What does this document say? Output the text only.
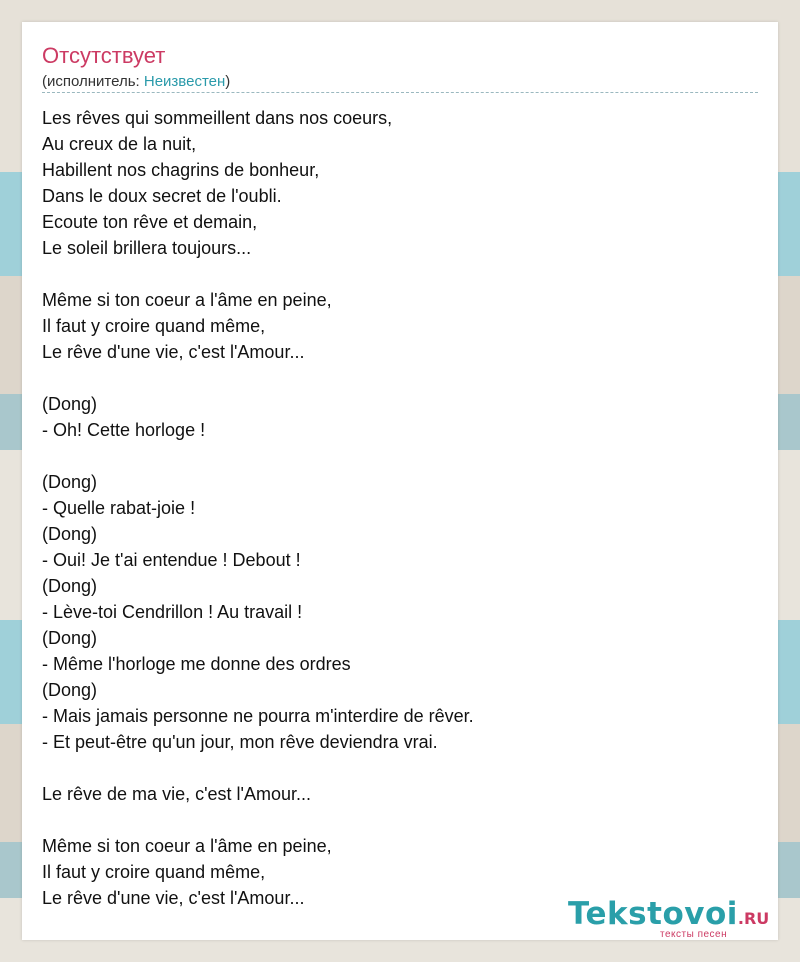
Отсутствует
(исполнитель: Неизвестен)
Les rêves qui sommeillent dans nos coeurs,
Au creux de la nuit,
Habillent nos chagrins de bonheur,
Dans le doux secret de l'oubli.
Ecoute ton rêve et demain,
Le soleil brillera toujours...
Même si ton coeur a l'âme en peine,
Il faut y croire quand même,
Le rêve d'une vie, c'est l'Amour...
(Dong)
- Oh! Cette horloge !
(Dong)
- Quelle rabat-joie !
(Dong)
- Oui! Je t'ai entendue ! Debout !
(Dong)
- Lève-toi Cendrillon ! Au travail !
(Dong)
- Même l'horloge me donne des ordres
(Dong)
- Mais jamais personne ne pourra m'interdire de rêver.
- Et peut-être qu'un jour, mon rêve deviendra vrai.
Le rêve de ma vie, c'est l'Amour...
Même si ton coeur a l'âme en peine,
Il faut y croire quand même,
Le rêve d'une vie, c'est l'Amour...	Tekstovoi.RU
тексты песен
